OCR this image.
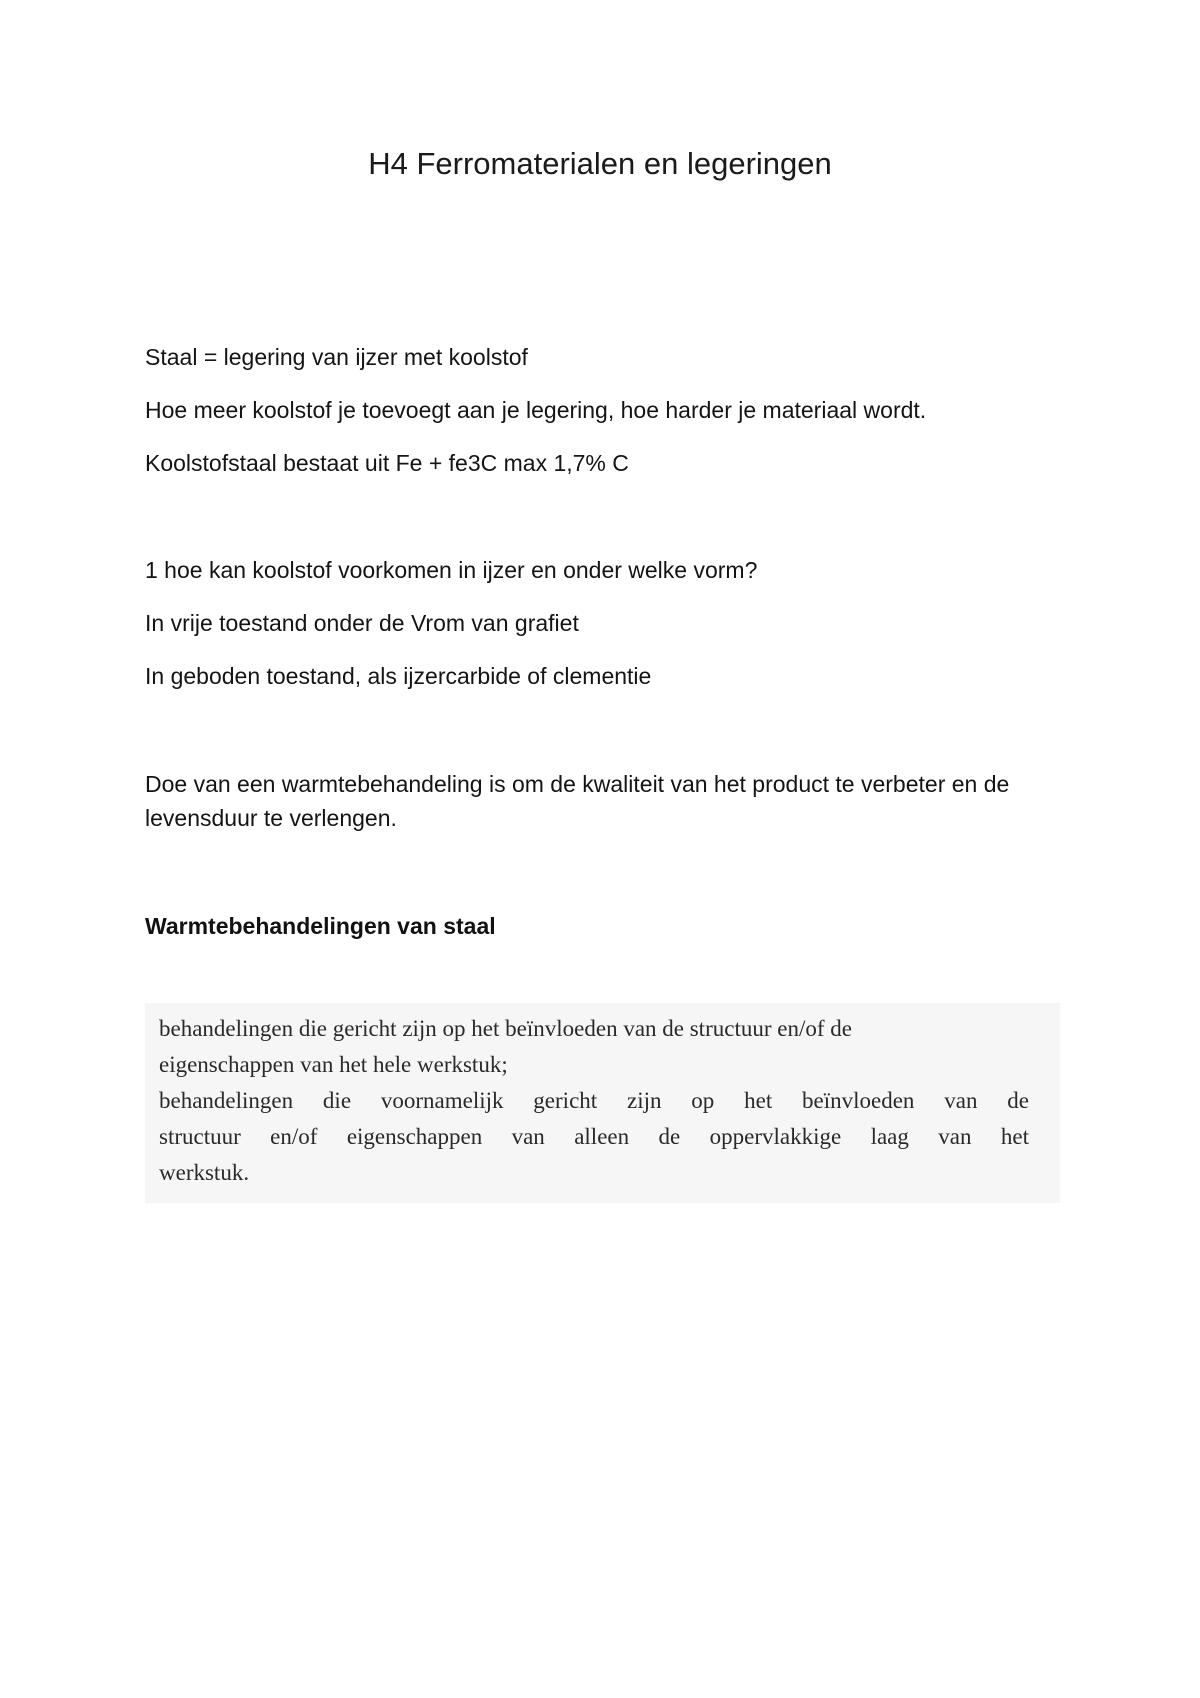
H4 Ferromaterialen en legeringen

Staal = legering van ijzer met koolstof

Hoe meer koolstof je toevoegt aan je legering, hoe harder je materiaal wordt.

Koolstofstaal bestaat uit Fe + fe3C max 1,7% C

1 hoe kan koolstof voorkomen in ijzer en onder welke vorm?

In vrije toestand onder de Vrom van grafiet

In geboden toestand, als ijzercarbide of clementie

Doe van een warmtebehandeling is om de kwaliteit van het product te verbeter en de levensduur te verlengen.

Warmtebehandelingen van staal
behandelingen die gericht zijn op het beïnvloeden van de structuur en/of de
eigenschappen van het hele werkstuk;
behandelingen die voornamelijk gericht zijn op het beïnvloeden van de
structuur en/of eigenschappen van alleen de oppervlakkige laag van het
werkstuk.
